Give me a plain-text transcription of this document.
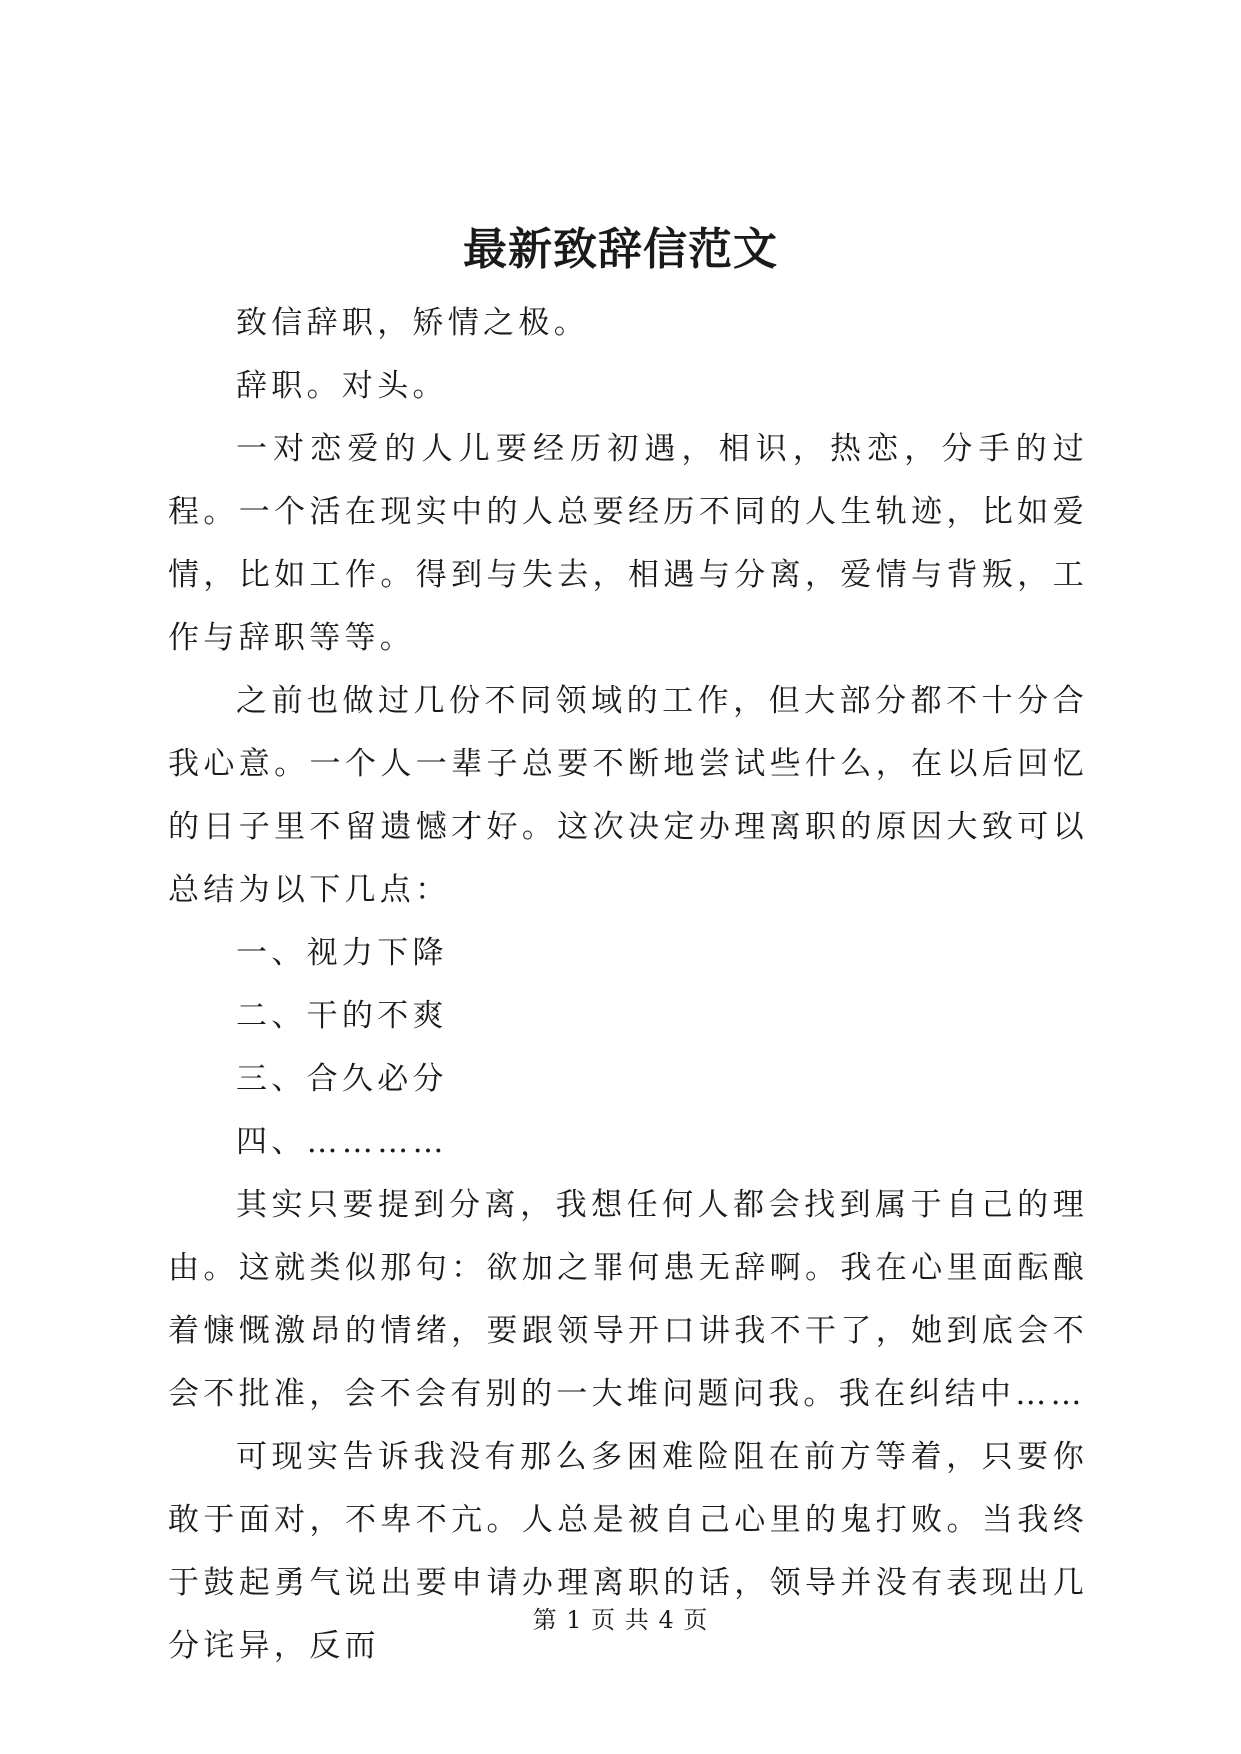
最新致辞信范文

致信辞职，矫情之极。

辞职。对头。

一对恋爱的人儿要经历初遇，相识，热恋，分手的过程。一个活在现实中的人总要经历不同的人生轨迹，比如爱情，比如工作。得到与失去，相遇与分离，爱情与背叛，工作与辞职等等。

之前也做过几份不同领域的工作，但大部分都不十分合我心意。一个人一辈子总要不断地尝试些什么，在以后回忆的日子里不留遗憾才好。这次决定办理离职的原因大致可以总结为以下几点：

一、视力下降

二、干的不爽

三、合久必分

四、…………

其实只要提到分离，我想任何人都会找到属于自己的理由。这就类似那句：欲加之罪何患无辞啊。我在心里面酝酿着慷慨激昂的情绪，要跟领导开口讲我不干了，她到底会不会不批准，会不会有别的一大堆问题问我。我在纠结中……

可现实告诉我没有那么多困难险阻在前方等着，只要你敢于面对，不卑不亢。人总是被自己心里的鬼打败。当我终于鼓起勇气说出要申请办理离职的话，领导并没有表现出几分诧异，反而

第 1 页 共 4 页
